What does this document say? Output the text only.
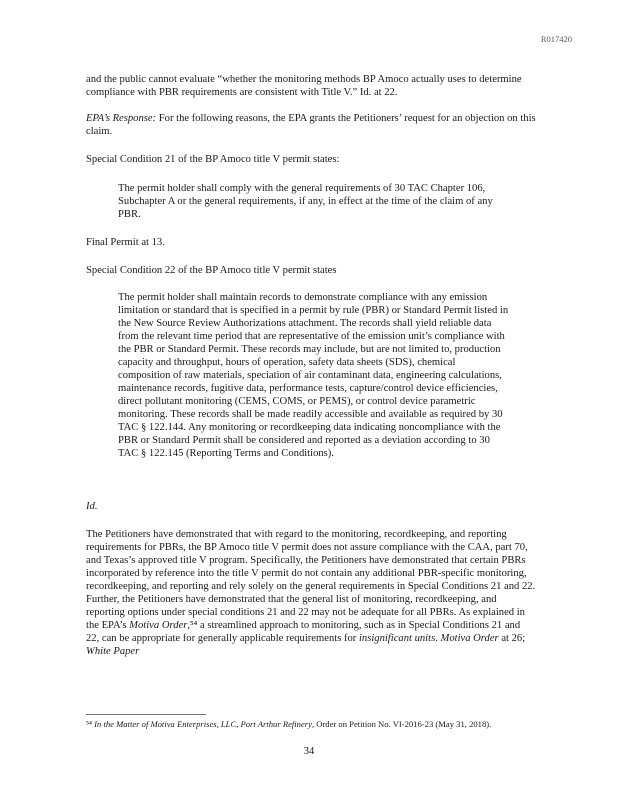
R017420

and the public cannot evaluate “whether the monitoring methods BP Amoco actually uses to determine compliance with PBR requirements are consistent with Title V.” Id. at 22.

EPA’s Response: For the following reasons, the EPA grants the Petitioners’ request for an objection on this claim.

Special Condition 21 of the BP Amoco title V permit states:

The permit holder shall comply with the general requirements of 30 TAC Chapter 106, Subchapter A or the general requirements, if any, in effect at the time of the claim of any PBR.

Final Permit at 13.

Special Condition 22 of the BP Amoco title V permit states

The permit holder shall maintain records to demonstrate compliance with any emission limitation or standard that is specified in a permit by rule (PBR) or Standard Permit listed in the New Source Review Authorizations attachment. The records shall yield reliable data from the relevant time period that are representative of the emission unit’s compliance with the PBR or Standard Permit. These records may include, but are not limited to, production capacity and throughput, hours of operation, safety data sheets (SDS), chemical composition of raw materials, speciation of air contaminant data, engineering calculations, maintenance records, fugitive data, performance tests, capture/control device efficiencies, direct pollutant monitoring (CEMS, COMS, or PEMS), or control device parametric monitoring. These records shall be made readily accessible and available as required by 30 TAC § 122.144. Any monitoring or recordkeeping data indicating noncompliance with the PBR or Standard Permit shall be considered and reported as a deviation according to 30 TAC § 122.145 (Reporting Terms and Conditions).

Id.

The Petitioners have demonstrated that with regard to the monitoring, recordkeeping, and reporting requirements for PBRs, the BP Amoco title V permit does not assure compliance with the CAA, part 70, and Texas’s approved title V program. Specifically, the Petitioners have demonstrated that certain PBRs incorporated by reference into the title V permit do not contain any additional PBR-specific monitoring, recordkeeping, and reporting and rely solely on the general requirements in Special Conditions 21 and 22. Further, the Petitioners have demonstrated that the general list of monitoring, recordkeeping, and reporting options under special conditions 21 and 22 may not be adequate for all PBRs. As explained in the EPA’s Motiva Order,⁵⁴ a streamlined approach to monitoring, such as in Special Conditions 21 and 22, can be appropriate for generally applicable requirements for insignificant units. Motiva Order at 26; White Paper

⁵⁴ In the Matter of Motiva Enterprises, LLC, Port Arthur Refinery, Order on Petition No. VI-2016-23 (May 31, 2018).

34
